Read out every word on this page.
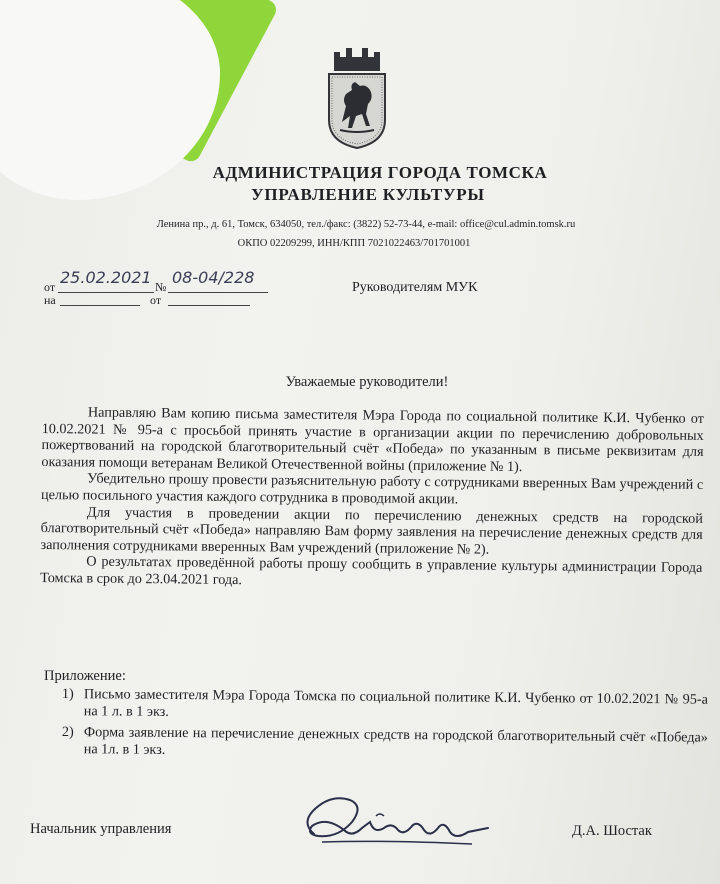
АДМИНИСТРАЦИЯ ГОРОДА ТОМСКА
УПРАВЛЕНИЕ КУЛЬТУРЫ
Ленина пр., д. 61, Томск, 634050, тел./факс: (3822) 52-73-44, e-mail: office@cul.admin.tomsk.ru
ОКПО 02209299, ИНН/КПП 7021022463/701701001
от 25.02.2021 № 08-04/228
на	от
Руководителям МУК
Уважаемые руководители!

Направляю Вам копию письма заместителя Мэра Города по социальной политике К.И. Чубенко от 10.02.2021 № 95-а с просьбой принять участие в организации акции по перечислению добровольных пожертвований на городской благотворительный счёт «Победа» по указанным в письме реквизитам для оказания помощи ветеранам Великой Отечественной войны (приложение № 1).

Убедительно прошу провести разъяснительную работу с сотрудниками вверенных Вам учреждений с целью посильного участия каждого сотрудника в проводимой акции.

Для участия в проведении акции по перечислению денежных средств на городской благотворительный счёт «Победа» направляю Вам форму заявления на перечисление денежных средств для заполнения сотрудниками вверенных Вам учреждений (приложение № 2).

О результатах проведённой работы прошу сообщить в управление культуры администрации Города Томска в срок до 23.04.2021 года.

Приложение:
1) Письмо заместителя Мэра Города Томска по социальной политике К.И. Чубенко от 10.02.2021 № 95-а на 1 л. в 1 экз.
2) Форма заявление на перечисление денежных средств на городской благотворительный счёт «Победа» на 1л. в 1 экз.
Начальник управления	Д.А. Шостак
